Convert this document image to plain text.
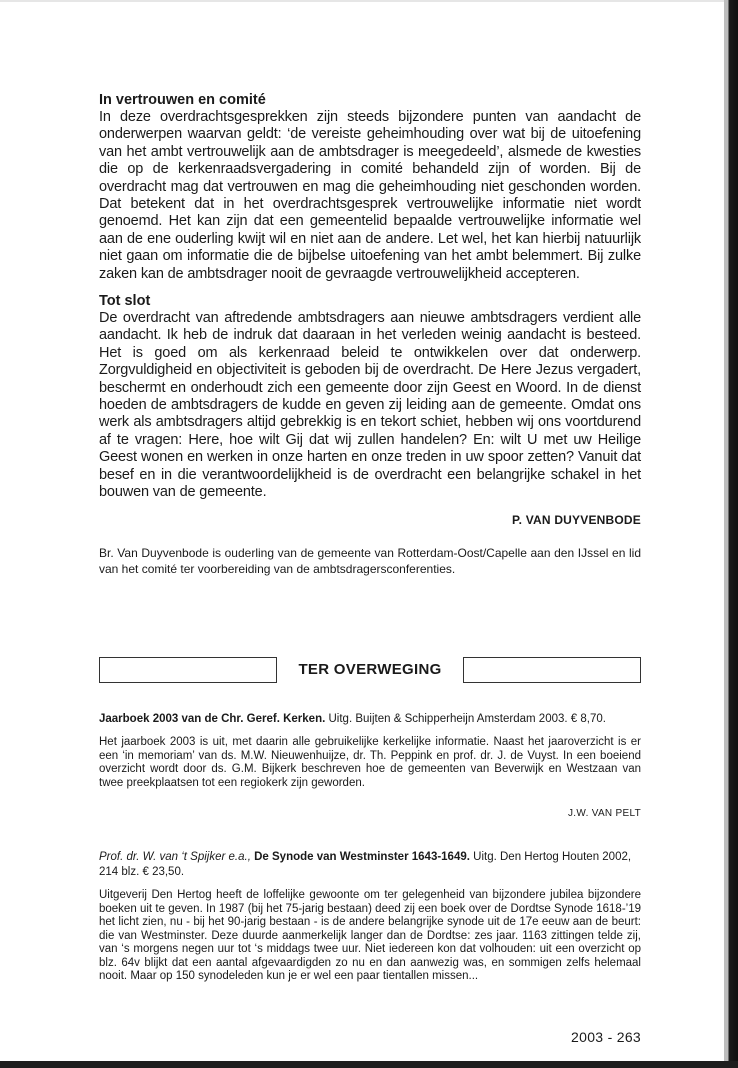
In vertrouwen en comité

In deze overdrachtsgesprekken zijn steeds bijzondere punten van aandacht de onderwerpen waarvan geldt: ‘de vereiste geheimhouding over wat bij de uitoefening van het ambt vertrouwelijk aan de ambtsdrager is meegedeeld’, alsmede de kwesties die op de kerkenraadsvergadering in comité behandeld zijn of worden. Bij de overdracht mag dat vertrouwen en mag die geheimhouding niet geschonden worden. Dat betekent dat in het overdrachtsgesprek vertrouwelijke informatie niet wordt genoemd. Het kan zijn dat een gemeentelid bepaalde vertrouwelijke informatie wel aan de ene ouderling kwijt wil en niet aan de andere. Let wel, het kan hierbij natuurlijk niet gaan om informatie die de bijbelse uitoefening van het ambt belemmert. Bij zulke zaken kan de ambtsdrager nooit de gevraagde vertrouwelijkheid accepteren.

Tot slot

De overdracht van aftredende ambtsdragers aan nieuwe ambtsdragers verdient alle aandacht. Ik heb de indruk dat daaraan in het verleden weinig aandacht is besteed. Het is goed om als kerkenraad beleid te ontwikkelen over dat onderwerp. Zorgvuldigheid en objectiviteit is geboden bij de overdracht. De Here Jezus vergadert, beschermt en onderhoudt zich een gemeente door zijn Geest en Woord. In de dienst hoeden de ambtsdragers de kudde en geven zij leiding aan de gemeente. Omdat ons werk als ambtsdragers altijd gebrekkig is en tekort schiet, hebben wij ons voortdurend af te vragen: Here, hoe wilt Gij dat wij zullen handelen? En: wilt U met uw Heilige Geest wonen en werken in onze harten en onze treden in uw spoor zetten? Vanuit dat besef en in die verantwoordelijkheid is de overdracht een belangrijke schakel in het bouwen van de gemeente.

P. VAN DUYVENBODE

Br. Van Duyvenbode is ouderling van de gemeente van Rotterdam-Oost/Capelle aan den IJssel en lid van het comité ter voorbereiding van de ambtsdragersconferenties.

TER OVERWEGING

Jaarboek 2003 van de Chr. Geref. Kerken. Uitg. Buijten & Schipperheijn Amsterdam 2003. € 8,70.

Het jaarboek 2003 is uit, met daarin alle gebruikelijke kerkelijke informatie. Naast het jaaroverzicht is er een ‘in memoriam’ van ds. M.W. Nieuwenhuijze, dr. Th. Peppink en prof. dr. J. de Vuyst. In een boeiend overzicht wordt door ds. G.M. Bijkerk beschreven hoe de gemeenten van Beverwijk en Westzaan van twee preekplaatsen tot een regiokerk zijn geworden.

J.W. VAN PELT

Prof. dr. W. van ‘t Spijker e.a., De Synode van Westminster 1643-1649. Uitg. Den Hertog Houten 2002, 214 blz. € 23,50.

Uitgeverij Den Hertog heeft de loffelijke gewoonte om ter gelegenheid van bijzondere jubilea bijzondere boeken uit te geven. In 1987 (bij het 75-jarig bestaan) deed zij een boek over de Dordtse Synode 1618-’19 het licht zien, nu - bij het 90-jarig bestaan - is de andere belangrijke synode uit de 17e eeuw aan de beurt: die van Westminster. Deze duurde aanmerkelijk langer dan de Dordtse: zes jaar. 1163 zittingen telde zij, van ‘s morgens negen uur tot ‘s middags twee uur. Niet iedereen kon dat volhouden: uit een overzicht op blz. 64v blijkt dat een aantal afgevaardigden zo nu en dan aanwezig was, en sommigen zelfs helemaal nooit. Maar op 150 synodeleden kun je er wel een paar tientallen missen...

2003 - 263
